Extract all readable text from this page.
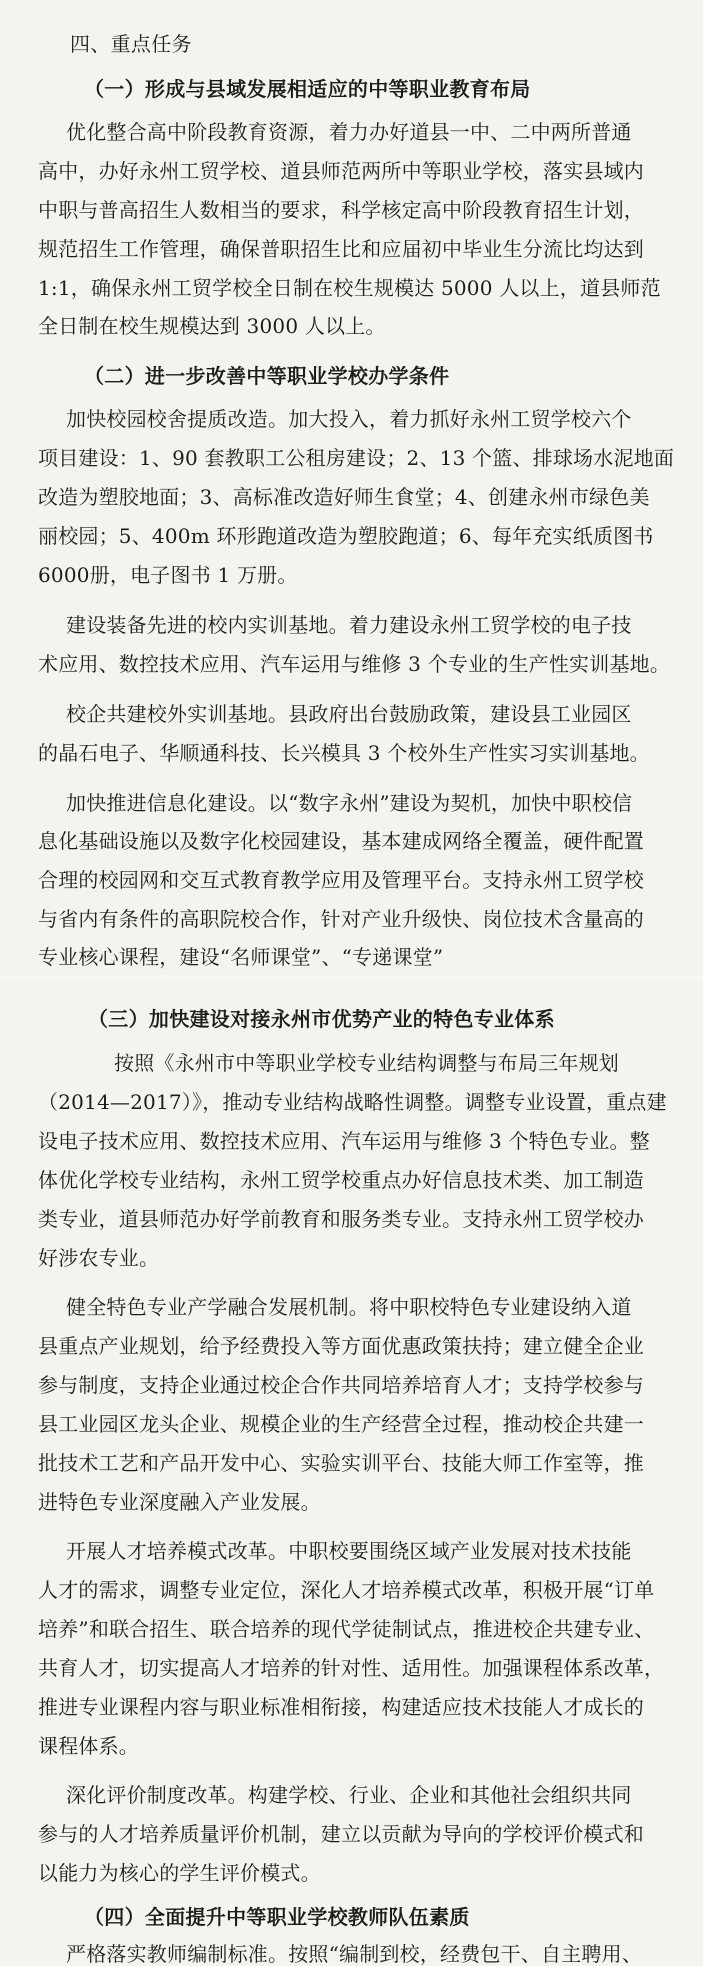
四、重点任务
（一）形成与县域发展相适应的中等职业教育布局
优化整合高中阶段教育资源，着力办好道县一中、二中两所普通
高中，办好永州工贸学校、道县师范两所中等职业学校，落实县域内
中职与普高招生人数相当的要求，科学核定高中阶段教育招生计划，
规范招生工作管理，确保普职招生比和应届初中毕业生分流比均达到
1:1，确保永州工贸学校全日制在校生规模达 5000 人以上，道县师范
全日制在校生规模达到 3000 人以上。
（二）进一步改善中等职业学校办学条件
加快校园校舍提质改造。加大投入，着力抓好永州工贸学校六个
项目建设：1、90 套教职工公租房建设；2、13 个篮、排球场水泥地面
改造为塑胶地面；3、高标准改造好师生食堂；4、创建永州市绿色美
丽校园；5、400m 环形跑道改造为塑胶跑道；6、每年充实纸质图书
6000册，电子图书 1 万册。
建设装备先进的校内实训基地。着力建设永州工贸学校的电子技
术应用、数控技术应用、汽车运用与维修 3 个专业的生产性实训基地。
校企共建校外实训基地。县政府出台鼓励政策，建设县工业园区
的晶石电子、华顺通科技、长兴模具 3 个校外生产性实习实训基地。
加快推进信息化建设。以“数字永州”建设为契机，加快中职校信
息化基础设施以及数字化校园建设，基本建成网络全覆盖，硬件配置
合理的校园网和交互式教育教学应用及管理平台。支持永州工贸学校
与省内有条件的高职院校合作，针对产业升级快、岗位技术含量高的
专业核心课程，建设“名师课堂”、“专递课堂”
（三）加快建设对接永州市优势产业的特色专业体系
按照《永州市中等职业学校专业结构调整与布局三年规划
（2014—2017）》，推动专业结构战略性调整。调整专业设置，重点建
设电子技术应用、数控技术应用、汽车运用与维修 3 个特色专业。整
体优化学校专业结构，永州工贸学校重点办好信息技术类、加工制造
类专业，道县师范办好学前教育和服务类专业。支持永州工贸学校办
好涉农专业。
健全特色专业产学融合发展机制。将中职校特色专业建设纳入道
县重点产业规划，给予经费投入等方面优惠政策扶持；建立健全企业
参与制度，支持企业通过校企合作共同培养培育人才；支持学校参与
县工业园区龙头企业、规模企业的生产经营全过程，推动校企共建一
批技术工艺和产品开发中心、实验实训平台、技能大师工作室等，推
进特色专业深度融入产业发展。
开展人才培养模式改革。中职校要围绕区域产业发展对技术技能
人才的需求，调整专业定位，深化人才培养模式改革，积极开展“订单
培养”和联合招生、联合培养的现代学徒制试点，推进校企共建专业、
共育人才，切实提高人才培养的针对性、适用性。加强课程体系改革，
推进专业课程内容与职业标准相衔接，构建适应技术技能人才成长的
课程体系。
深化评价制度改革。构建学校、行业、企业和其他社会组织共同
参与的人才培养质量评价机制，建立以贡献为导向的学校评价模式和
以能力为核心的学生评价模式。
（四）全面提升中等职业学校教师队伍素质
严格落实教师编制标准。按照“编制到校，经费包干、自主聘用、
